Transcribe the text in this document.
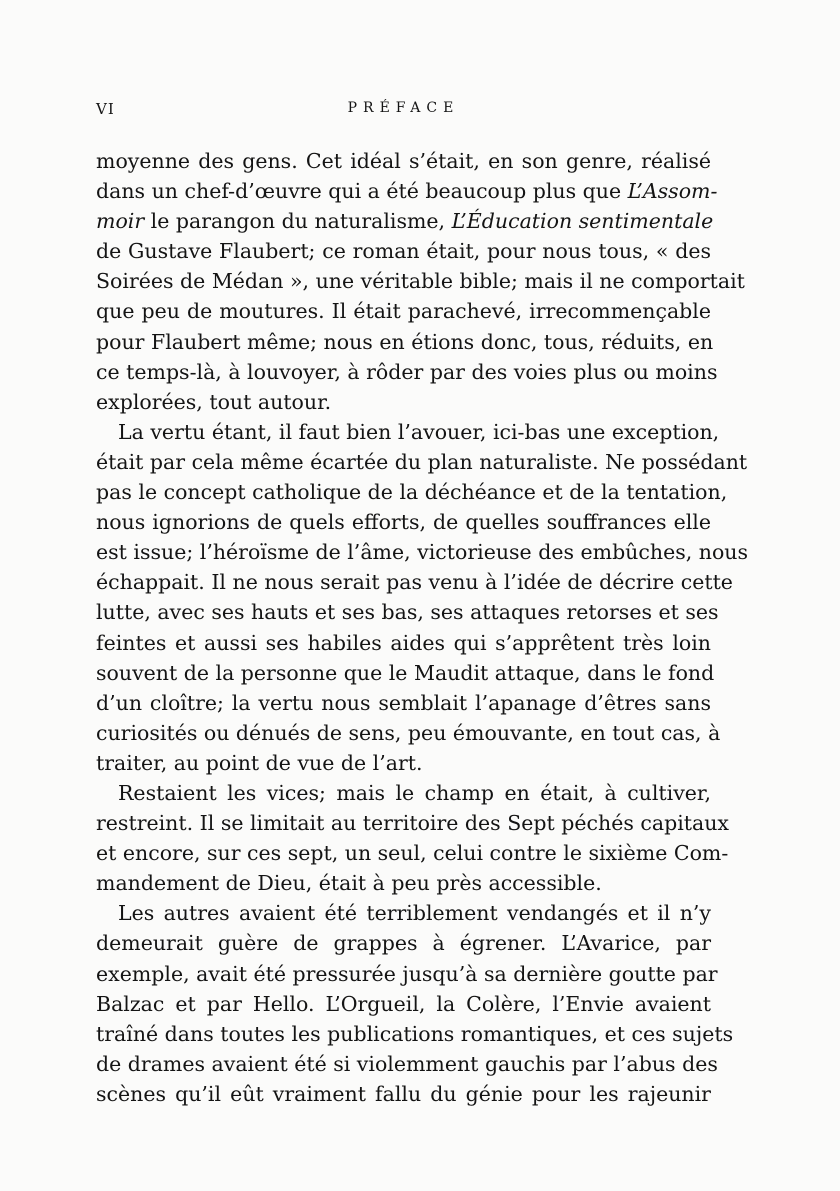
VI	PRÉFACE
moyenne des gens. Cet idéal s’était, en son genre, réalisé
dans un chef-d’œuvre qui a été beaucoup plus que L’Assom-
moir le parangon du naturalisme, L’Éducation sentimentale
de Gustave Flaubert; ce roman était, pour nous tous, « des
Soirées de Médan », une véritable bible; mais il ne comportait
que peu de moutures. Il était parachevé, irrecommençable
pour Flaubert même; nous en étions donc, tous, réduits, en
ce temps-là, à louvoyer, à rôder par des voies plus ou moins
explorées, tout autour.
La vertu étant, il faut bien l’avouer, ici-bas une exception,
était par cela même écartée du plan naturaliste. Ne possédant
pas le concept catholique de la déchéance et de la tentation,
nous ignorions de quels efforts, de quelles souffrances elle
est issue; l’héroïsme de l’âme, victorieuse des embûches, nous
échappait. Il ne nous serait pas venu à l’idée de décrire cette
lutte, avec ses hauts et ses bas, ses attaques retorses et ses
feintes et aussi ses habiles aides qui s’apprêtent très loin
souvent de la personne que le Maudit attaque, dans le fond
d’un cloître; la vertu nous semblait l’apanage d’êtres sans
curiosités ou dénués de sens, peu émouvante, en tout cas, à
traiter, au point de vue de l’art.
Restaient les vices; mais le champ en était, à cultiver,
restreint. Il se limitait au territoire des Sept péchés capitaux
et encore, sur ces sept, un seul, celui contre le sixième Com-
mandement de Dieu, était à peu près accessible.
Les autres avaient été terriblement vendangés et il n’y
demeurait guère de grappes à égrener. L’Avarice, par
exemple, avait été pressurée jusqu’à sa dernière goutte par
Balzac et par Hello. L’Orgueil, la Colère, l’Envie avaient
traîné dans toutes les publications romantiques, et ces sujets
de drames avaient été si violemment gauchis par l’abus des
scènes qu’il eût vraiment fallu du génie pour les rajeunir
